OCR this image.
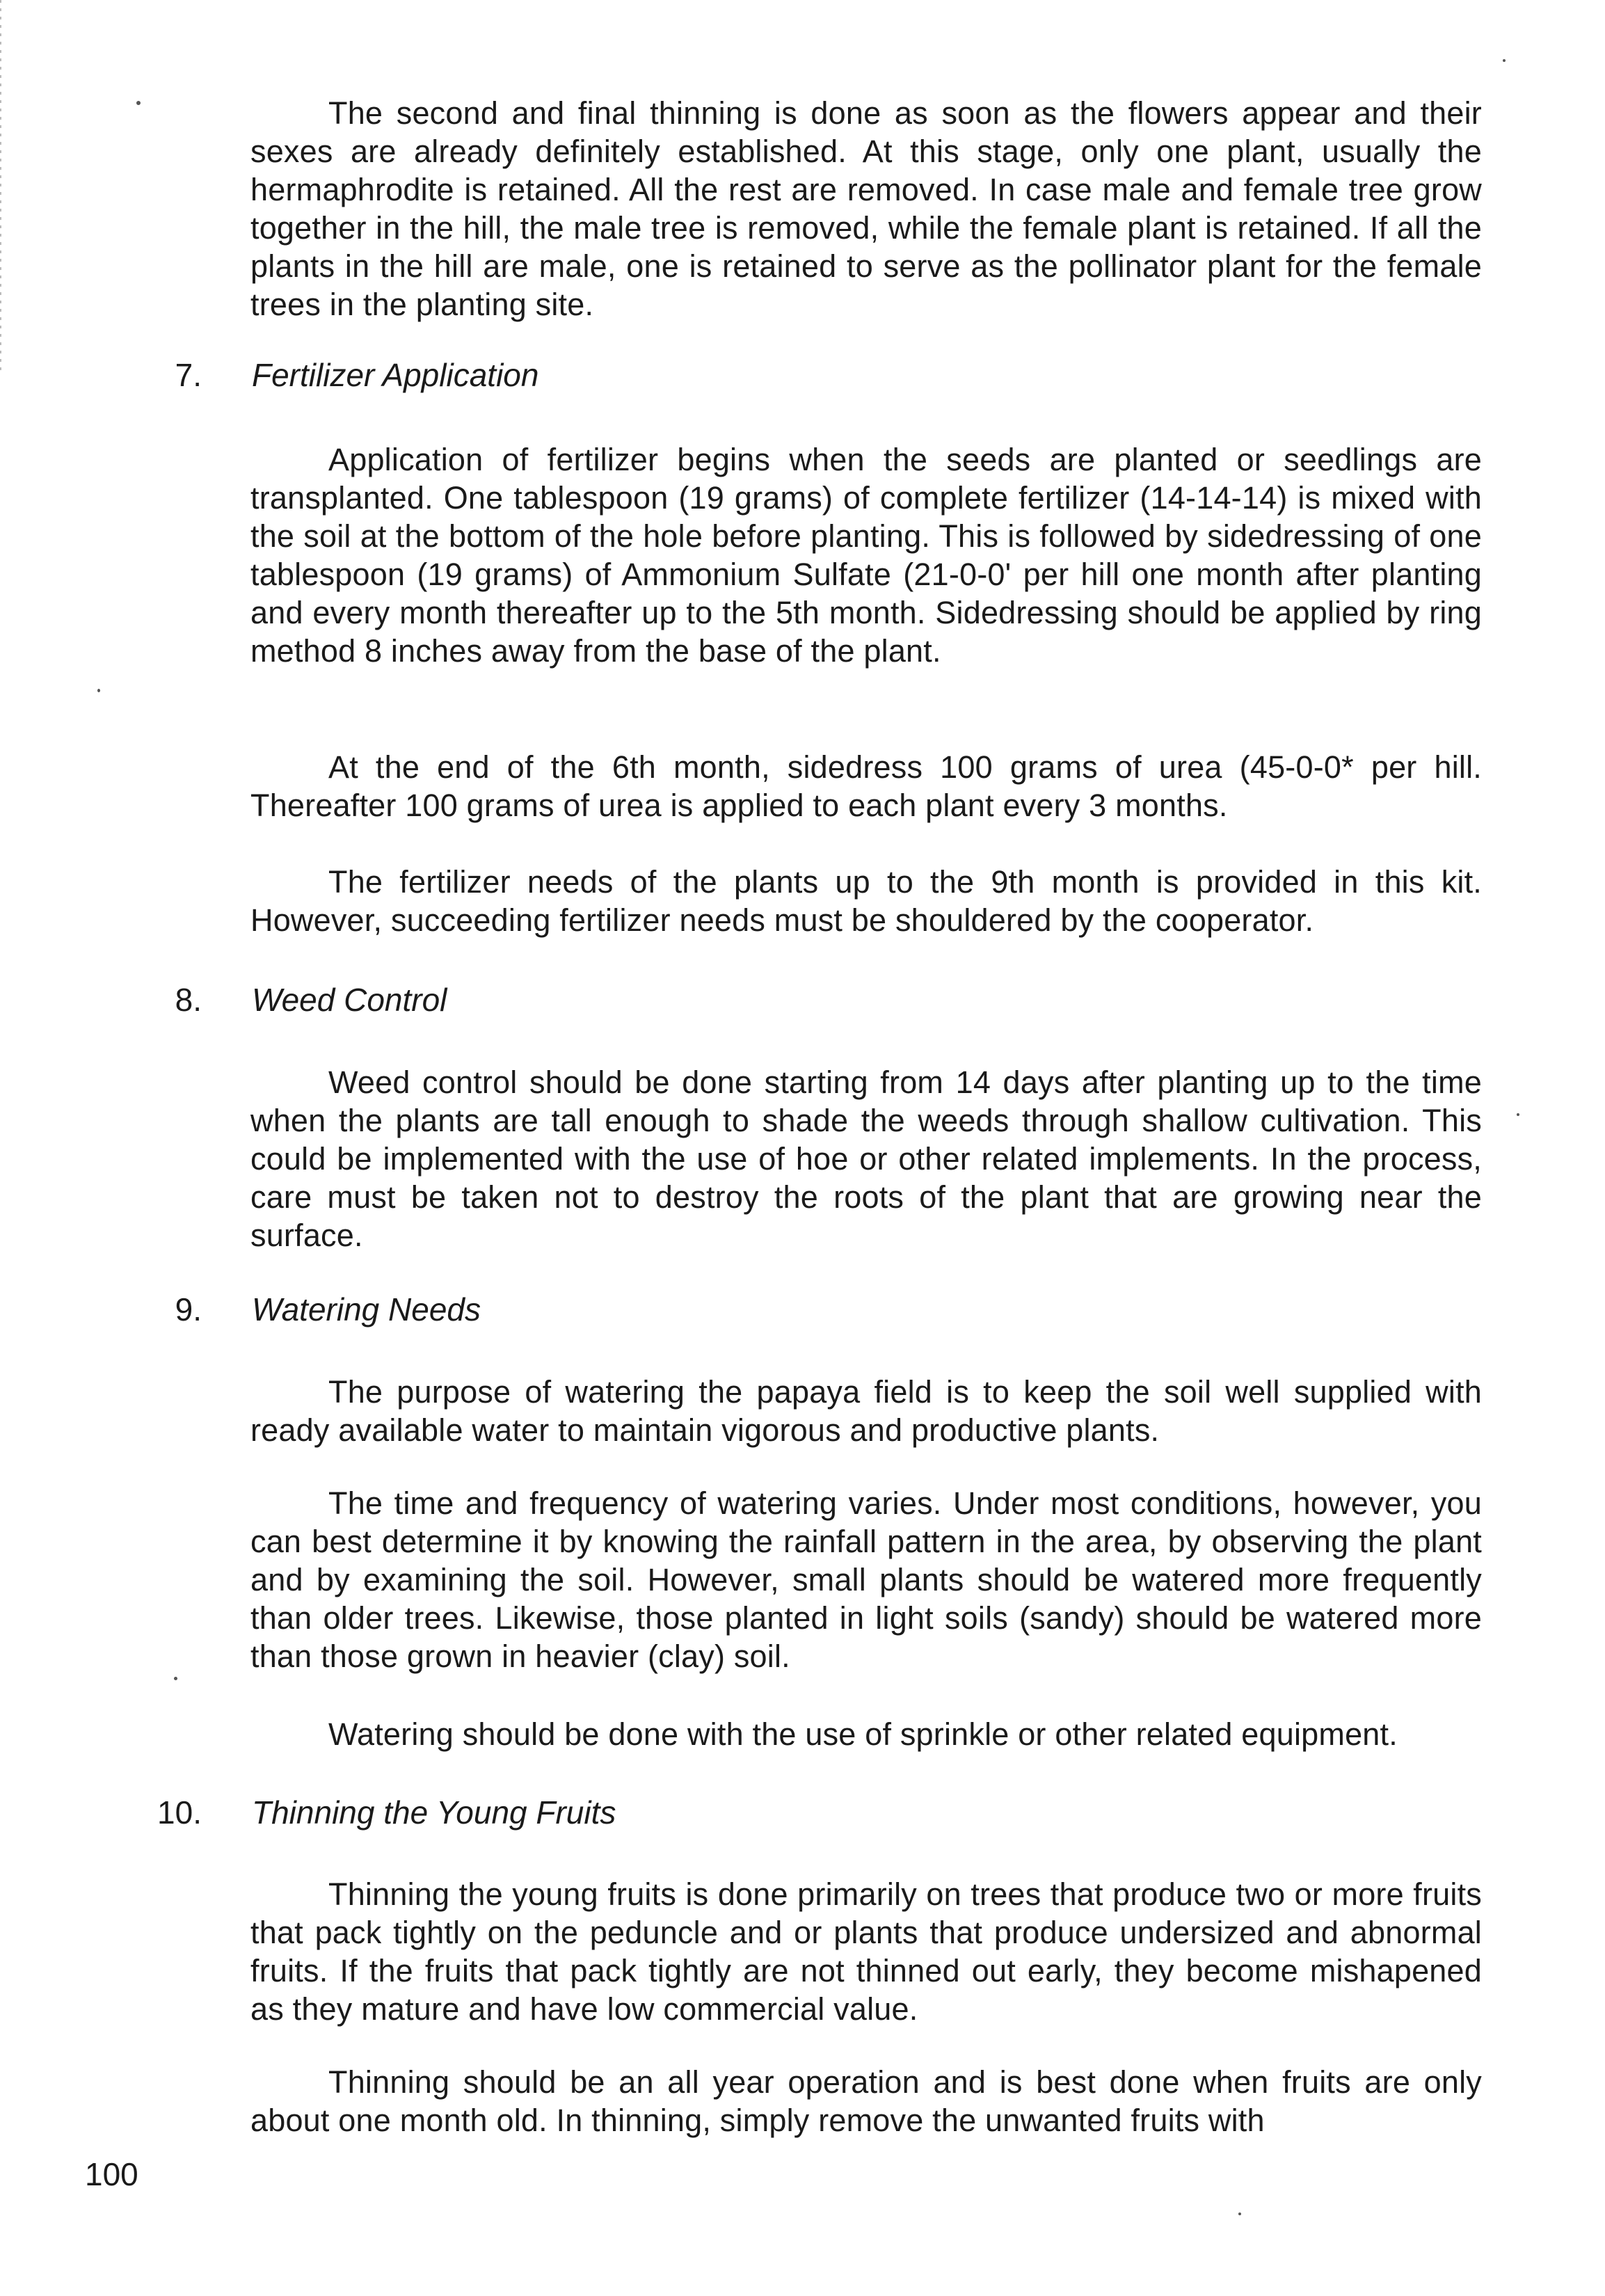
The second and final thinning is done as soon as the flowers appear and their sexes are already definitely established. At this stage, only one plant, usually the hermaphrodite is retained. All the rest are removed. In case male and female tree grow together in the hill, the male tree is removed, while the female plant is retained. If all the plants in the hill are male, one is retained to serve as the pollinator plant for the female trees in the planting site.

7. Fertilizer Application

Application of fertilizer begins when the seeds are planted or seedlings are transplanted. One tablespoon (19 grams) of complete fertilizer (14-14-14) is mixed with the soil at the bottom of the hole before planting. This is followed by sidedressing of one tablespoon (19 grams) of Ammonium Sulfate (21-0-0' per hill one month after planting and every month thereafter up to the 5th month. Sidedressing should be applied by ring method 8 inches away from the base of the plant.

At the end of the 6th month, sidedress 100 grams of urea (45-0-0* per hill. Thereafter 100 grams of urea is applied to each plant every 3 months.

The fertilizer needs of the plants up to the 9th month is provided in this kit. However, succeeding fertilizer needs must be shouldered by the cooperator.

8. Weed Control

Weed control should be done starting from 14 days after planting up to the time when the plants are tall enough to shade the weeds through shallow cultivation. This could be implemented with the use of hoe or other related implements. In the process, care must be taken not to destroy the roots of the plant that are growing near the surface.

9. Watering Needs

The purpose of watering the papaya field is to keep the soil well supplied with ready available water to maintain vigorous and productive plants.

The time and frequency of watering varies. Under most conditions, however, you can best determine it by knowing the rainfall pattern in the area, by observing the plant and by examining the soil. However, small plants should be watered more frequently than older trees. Likewise, those planted in light soils (sandy) should be watered more than those grown in heavier (clay) soil.

Watering should be done with the use of sprinkle or other related equipment.

10. Thinning the Young Fruits

Thinning the young fruits is done primarily on trees that produce two or more fruits that pack tightly on the peduncle and or plants that produce undersized and abnormal fruits. If the fruits that pack tightly are not thinned out early, they become mishapened as they mature and have low commercial value.

Thinning should be an all year operation and is best done when fruits are only about one month old. In thinning, simply remove the unwanted fruits with

100
